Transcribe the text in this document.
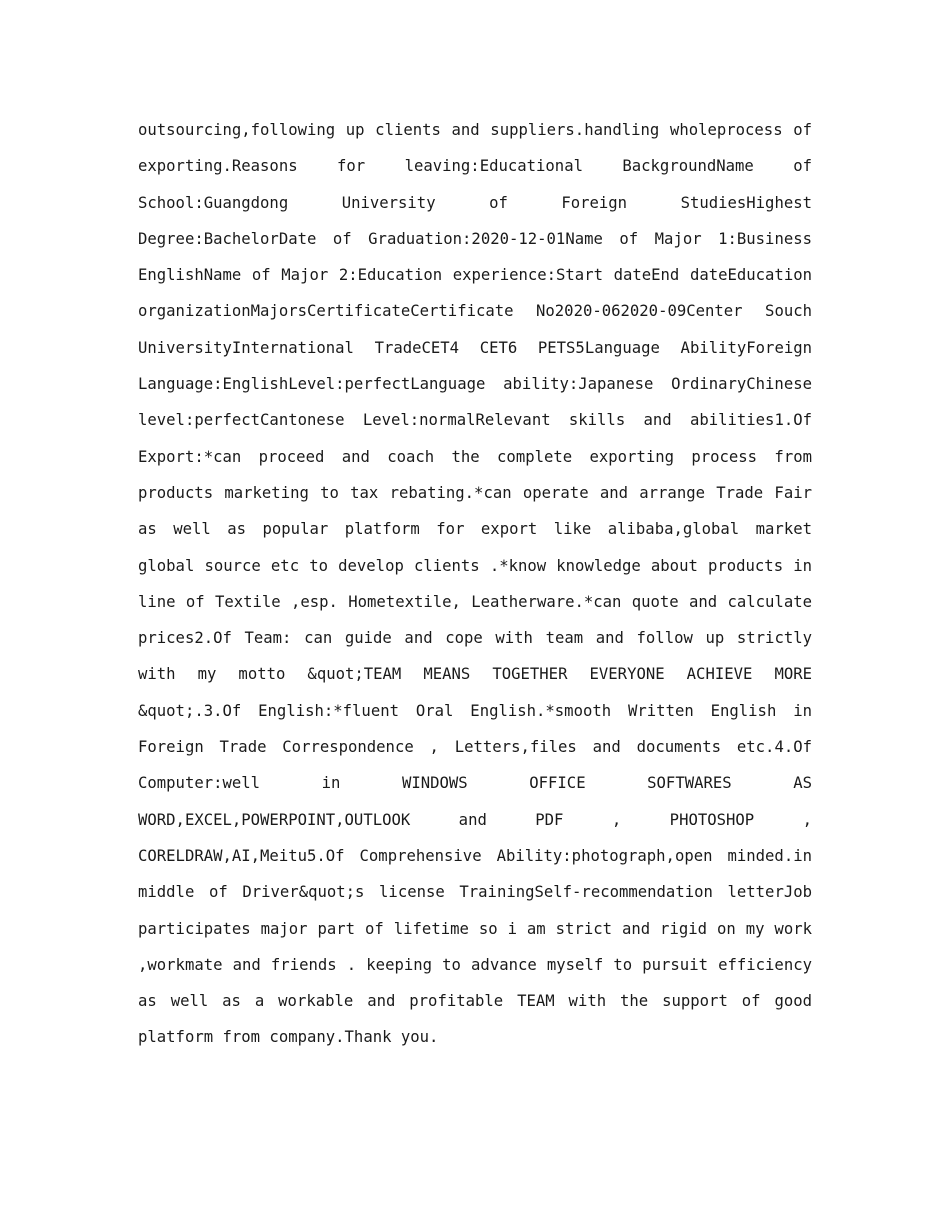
outsourcing,following up clients and suppliers.handling wholeprocess of exporting.Reasons for leaving:Educational BackgroundName of School:Guangdong University of Foreign StudiesHighest Degree:BachelorDate of Graduation:2020-12-01Name of Major 1:Business EnglishName of Major 2:Education experience:Start dateEnd dateEducation organizationMajorsCertificateCertificate No2020-062020-09Center Souch UniversityInternational TradeCET4 CET6 PETS5Language AbilityForeign Language:EnglishLevel:perfectLanguage ability:Japanese OrdinaryChinese level:perfectCantonese Level:normalRelevant skills and abilities1.Of Export:*can proceed and coach the complete exporting process from products marketing to tax rebating.*can operate and arrange Trade Fair as well as popular platform for export like alibaba,global market global source etc to develop clients .*know knowledge about products in line of Textile ,esp. Hometextile, Leatherware.*can quote and calculate prices2.Of Team: can guide and cope with team and follow up strictly with my motto &quot;TEAM MEANS TOGETHER EVERYONE ACHIEVE MORE &quot;.3.Of English:*fluent Oral English.*smooth Written English in Foreign Trade Correspondence , Letters,files and documents etc.4.Of Computer:well in WINDOWS OFFICE SOFTWARES AS WORD,EXCEL,POWERPOINT,OUTLOOK and PDF , PHOTOSHOP , CORELDRAW,AI,Meitu5.Of Comprehensive Ability:photograph,open minded.in middle of Driver&quot;s license TrainingSelf-recommendation letterJob participates major part of lifetime so i am strict and rigid on my work ,workmate and friends . keeping to advance myself to pursuit efficiency as well as a workable and profitable TEAM with the support of good platform from company.Thank you.
